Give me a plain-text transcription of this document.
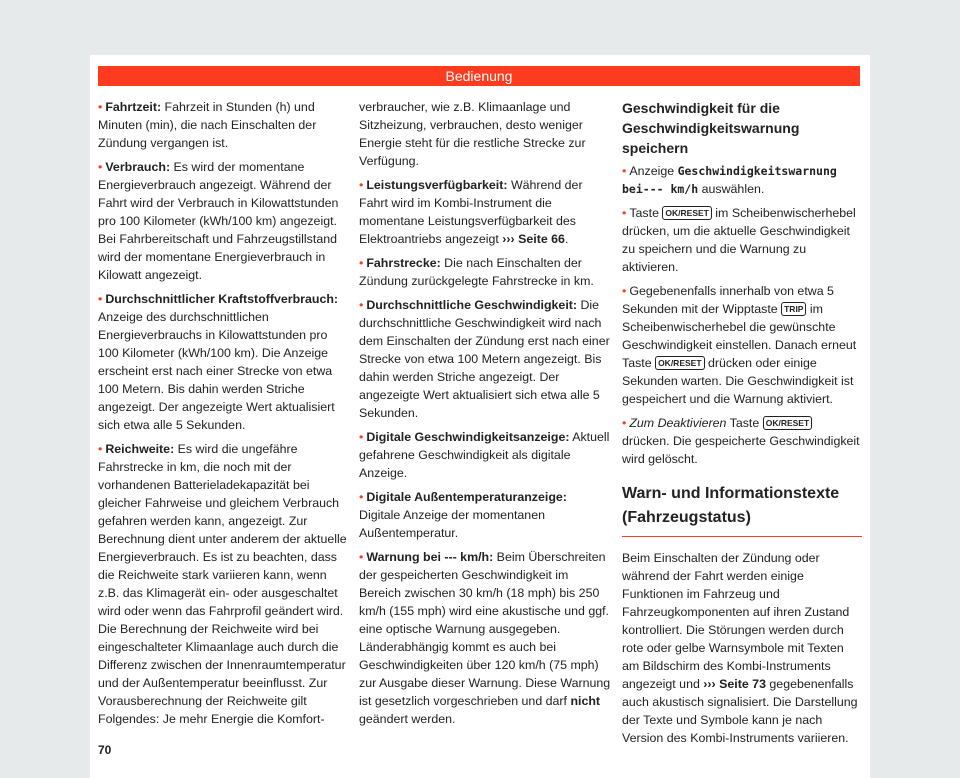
Bedienung

• Fahrtzeit: Fahrzeit in Stunden (h) und Minuten (min), die nach Einschalten der Zündung vergangen ist.

• Verbrauch: Es wird der momentane Energieverbrauch angezeigt. Während der Fahrt wird der Verbrauch in Kilowattstunden pro 100 Kilometer (kWh/100 km) angezeigt. Bei Fahrbereitschaft und Fahrzeugstillstand wird der momentane Energieverbrauch in Kilowatt angezeigt.

• Durchschnittlicher Kraftstoffverbrauch: Anzeige des durchschnittlichen Energieverbrauchs in Kilowattstunden pro 100 Kilometer (kWh/100 km). Die Anzeige erscheint erst nach einer Strecke von etwa 100 Metern. Bis dahin werden Striche angezeigt. Der angezeigte Wert aktualisiert sich etwa alle 5 Sekunden.

• Reichweite: Es wird die ungefähre Fahrstrecke in km, die noch mit der vorhandenen Batterieladekapazität bei gleicher Fahrweise und gleichem Verbrauch gefahren werden kann, angezeigt. Zur Berechnung dient unter anderem der aktuelle Energieverbrauch. Es ist zu beachten, dass die Reichweite stark variieren kann, wenn z.B. das Klimagerät ein- oder ausgeschaltet wird oder wenn das Fahrprofil geändert wird. Die Berechnung der Reichweite wird bei eingeschalteter Klimaanlage auch durch die Differenz zwischen der Innenraumtemperatur und der Außentemperatur beeinflusst. Zur Vorausberechnung der Reichweite gilt Folgendes: Je mehr Energie die Komfort-

70

verbraucher, wie z.B. Klimaanlage und Sitzheizung, verbrauchen, desto weniger Energie steht für die restliche Strecke zur Verfügung.

• Leistungsverfügbarkeit: Während der Fahrt wird im Kombi-Instrument die momentane Leistungsverfügbarkeit des Elektroantriebs angezeigt ››› Seite 66.

• Fahrstrecke: Die nach Einschalten der Zündung zurückgelegte Fahrstrecke in km.

• Durchschnittliche Geschwindigkeit: Die durchschnittliche Geschwindigkeit wird nach dem Einschalten der Zündung erst nach einer Strecke von etwa 100 Metern angezeigt. Bis dahin werden Striche angezeigt. Der angezeigte Wert aktualisiert sich etwa alle 5 Sekunden.

• Digitale Geschwindigkeitsanzeige: Aktuell gefahrene Geschwindigkeit als digitale Anzeige.

• Digitale Außentemperaturanzeige: Digitale Anzeige der momentanen Außentemperatur.

• Warnung bei --- km/h: Beim Überschreiten der gespeicherten Geschwindigkeit im Bereich zwischen 30 km/h (18 mph) bis 250 km/h (155 mph) wird eine akustische und ggf. eine optische Warnung ausgegeben. Länderabhängig kommt es auch bei Geschwindigkeiten über 120 km/h (75 mph) zur Ausgabe dieser Warnung. Diese Warnung ist gesetzlich vorgeschrieben und darf nicht geändert werden.

Geschwindigkeit für die Geschwindigkeitswarnung speichern

• Anzeige Geschwindigkeitswarnung bei--- km/h auswählen.

• Taste OK/RESET im Scheibenwischerhebel drücken, um die aktuelle Geschwindigkeit zu speichern und die Warnung zu aktivieren.

• Gegebenenfalls innerhalb von etwa 5 Sekunden mit der Wipptaste TRIP im Scheibenwischerhebel die gewünschte Geschwindigkeit einstellen. Danach erneut Taste OK/RESET drücken oder einige Sekunden warten. Die Geschwindigkeit ist gespeichert und die Warnung aktiviert.

• Zum Deaktivieren Taste OK/RESET drücken. Die gespeicherte Geschwindigkeit wird gelöscht.

Warn- und Informationstexte (Fahrzeugstatus)

Beim Einschalten der Zündung oder während der Fahrt werden einige Funktionen im Fahrzeug und Fahrzeugkomponenten auf ihren Zustand kontrolliert. Die Störungen werden durch rote oder gelbe Warnsymbole mit Texten am Bildschirm des Kombi-Instruments angezeigt und ››› Seite 73 gegebenenfalls auch akustisch signalisiert. Die Darstellung der Texte und Symbole kann je nach Version des Kombi-Instruments variieren.
